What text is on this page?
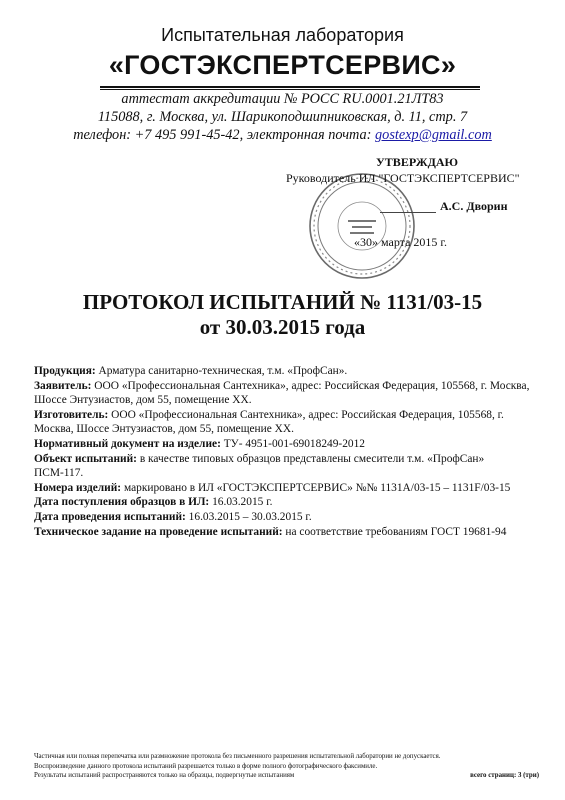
Испытательная лаборатория
«ГОСТЭКСПЕРТСЕРВИС»
аттестат аккредитации № РОСС RU.0001.21ЛТ83
115088, г. Москва, ул. Шарикоподшипниковская, д. 11, стр. 7
телефон: +7 495 991-45-42, электронная почта: gostexp@gmail.com
УТВЕРЖДАЮ
Руководитель ИЛ "ГОСТЭКСПЕРТСЕРВИС"
А.С. Дворин
«30» марта 2015 г.
ПРОТОКОЛ ИСПЫТАНИЙ № 1131/03-15
от 30.03.2015 года

Продукция: Арматура санитарно-техническая, т.м. «ПрофСан».

Заявитель: ООО «Профессиональная Сантехника», адрес: Российская Федерация, 105568, г. Москва, Шоссе Энтузиастов, дом 55, помещение XX.

Изготовитель: ООО «Профессиональная Сантехника», адрес: Российская Федерация, 105568, г. Москва, Шоссе Энтузиастов, дом 55, помещение XX.

Нормативный документ на изделие: ТУ- 4951-001-69018249-2012

Объект испытаний: в качестве типовых образцов представлены смесители т.м. «ПрофСан» ПСМ-117.

Номера изделий: маркировано в ИЛ «ГОСТЭКСПЕРТСЕРВИС» №№ 1131A/03-15 – 1131F/03-15

Дата поступления образцов в ИЛ: 16.03.2015 г.

Дата проведения испытаний: 16.03.2015 – 30.03.2015 г.

Техническое задание на проведение испытаний: на соответствие требованиям ГОСТ 19681-94

Частичная или полная перепечатка или размножение протокола без письменного разрешения испытательной лаборатории не допускается.

Воспроизведение данного протокола испытаний разрешается только в форме полного фотографического факсимиле.

Результаты испытаний распространяются только на образцы, подвергнутые испытаниям	всего страниц: 3 (три)
